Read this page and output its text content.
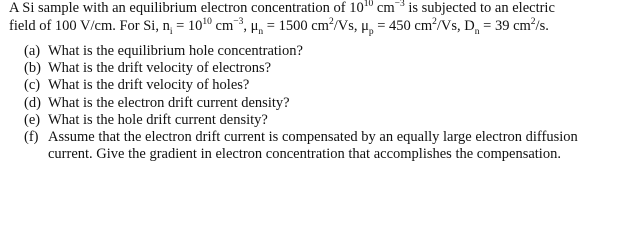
A Si sample with an equilibrium electron concentration of $10^{10}$ $cm^{-3}$ is subjected to an electric
field of 100 V/cm. For Si, $n_i = 10^{10}$ $cm^{-3}$, $\mu_n = 1500$ $cm^2/Vs$, $\mu_p = 450$ $cm^2/Vs$, $D_n = 39$ $cm^2/s$.

(a) What is the equilibrium hole concentration?
(b) What is the drift velocity of electrons?
(c) What is the drift velocity of holes?
(d) What is the electron drift current density?
(e) What is the hole drift current density?
(f) Assume that the electron drift current is compensated by an equally large electron diffusion current. Give the gradient in electron concentration that accomplishes the compensation.
